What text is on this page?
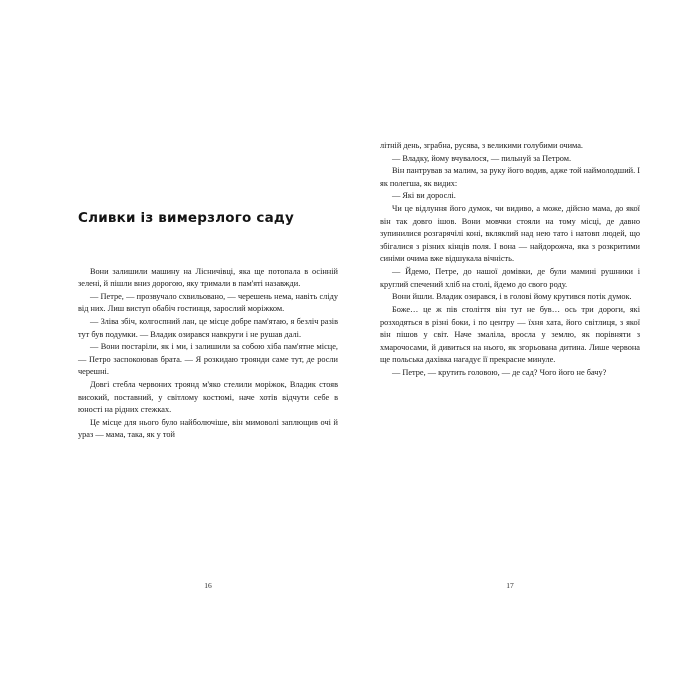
Сливки із вимерзлого саду

Вони залишили машину на Лісничівці, яка ще потопала в осінній зелені, й пішли вниз дорогою, яку тримали в пам'яті назавжди.

— Петре, — прозвучало схвильовано, — черешень нема, навіть сліду від них. Лиш виступ обабіч гостинця, зарослий моріжком.

— Зліва збіч, колгоспний лан, це місце добре пам'ятаю, я безліч разів тут був подумки. — Владик озирався навкруги і не рушав далі.

— Вони постаріли, як і ми, і залишили за собою хіба пам'ятне місце, — Петро заспокоював брата. — Я розкидаю троянди саме тут, де росли черешні.

Довгі стебла червоних троянд м'яко стелили моріжок, Владик стояв високий, поставний, у світлому костюмі, наче хотів відчути себе в юності на рідних стежках.

Це місце для нього було найболючіше, він мимоволі заплющив очі й ураз — мама, така, як у той

16

літній день, зграбна, русява, з великими голубими очима.

— Владку, йому вчувалося, — пильнуй за Петром.

Він пантрував за малим, за руку його водив, адже той наймолодший. І як полегша, як видих:

— Які ви дорослі.

Чи це відлуння його думок, чи видиво, а може, дійсно мама, до якої він так довго ішов. Вони мовчки стояли на тому місці, де давно зупинилися розгарячілі коні, вкляклий над нею тато і натовп людей, що збігалися з різних кінців поля. І вона — найдорожча, яка з розкритими синіми очима вже відшукала вічність.

— Йдемо, Петре, до нашої домівки, де були мамині рушники і круглий спечений хліб на столі, йдемо до свого роду.

Вони йшли. Владик озирався, і в голові йому крутився потік думок.

Боже… це ж пів століття він тут не був… ось три дороги, які розходяться в різні боки, і по центру — їхня хата, його світлиця, з якої він пішов у світ. Наче змаліла, вросла у землю, як порівняти з хмарочосами, й дивиться на нього, як згорьована дитина. Лише червона ще польська дахівка нагадує її прекрасне минуле.

— Петре, — крутить головою, — де сад? Чого його не бачу?

17
